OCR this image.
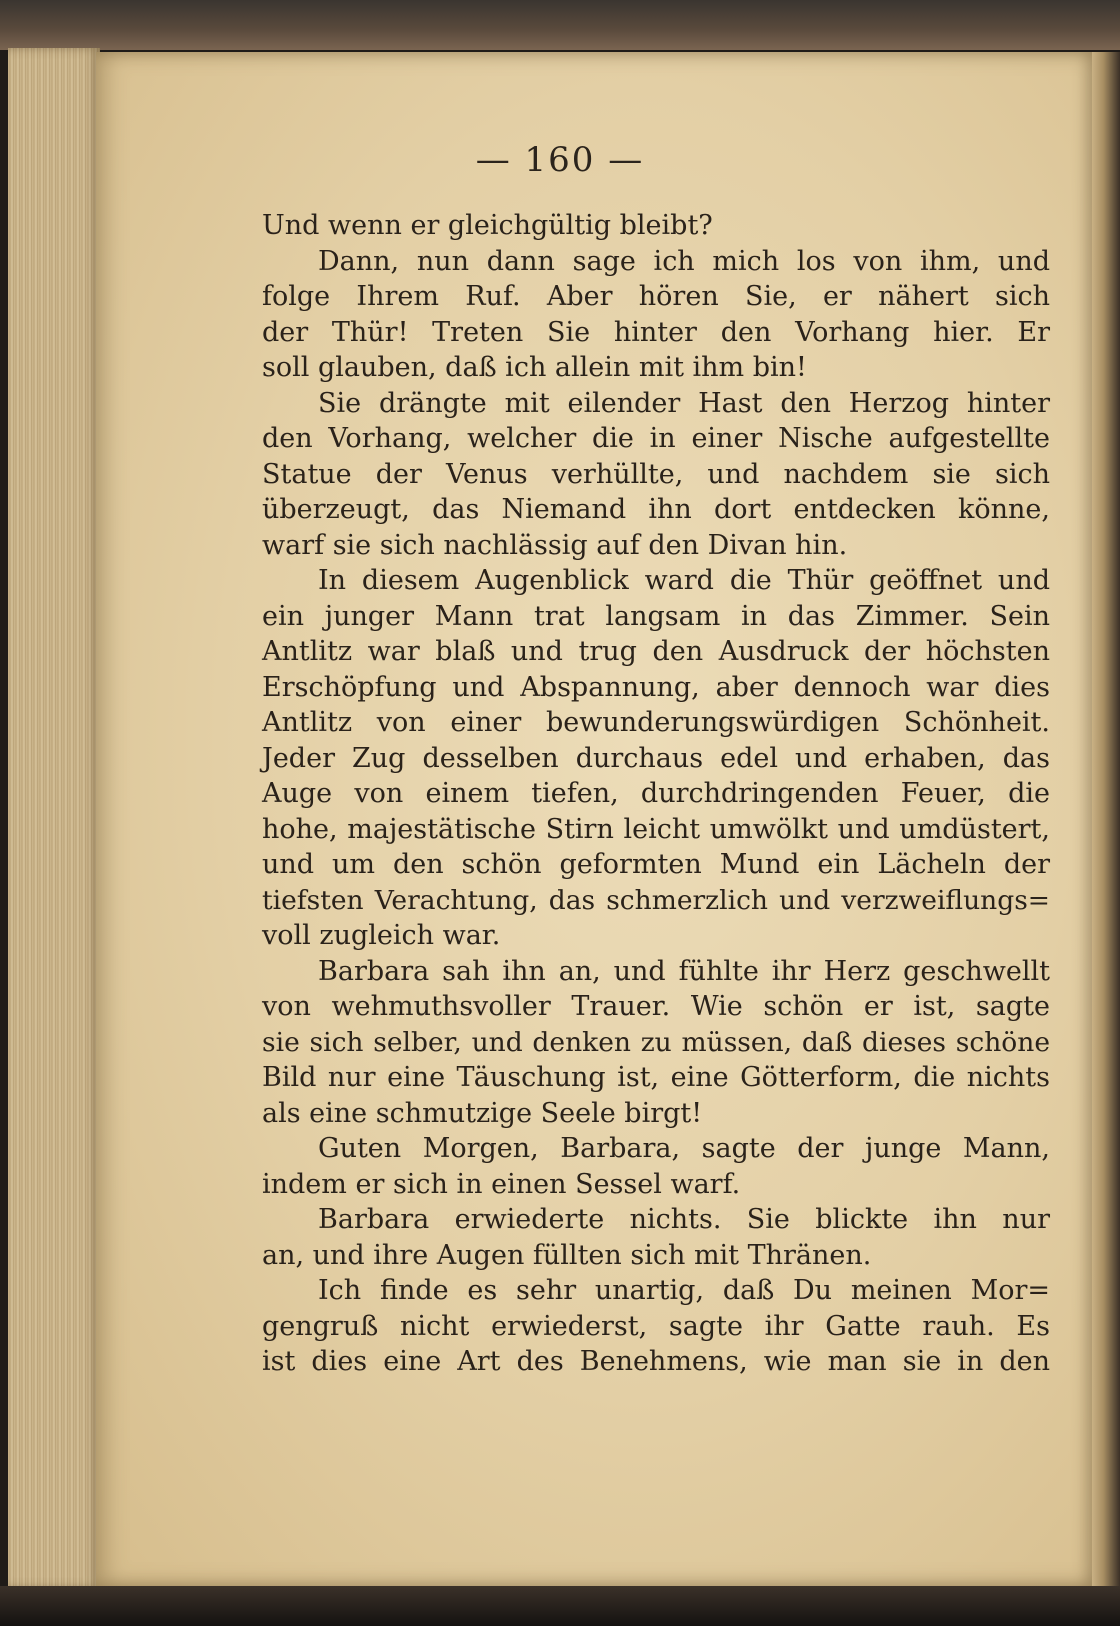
— 160 —
Und wenn er gleichgültig bleibt?
Dann, nun dann sage ich mich los von ihm, und
folge Ihrem Ruf. Aber hören Sie, er nähert sich
der Thür! Treten Sie hinter den Vorhang hier. Er
soll glauben, daß ich allein mit ihm bin!
Sie drängte mit eilender Hast den Herzog hinter
den Vorhang, welcher die in einer Nische aufgestellte
Statue der Venus verhüllte, und nachdem sie sich
überzeugt, das Niemand ihn dort entdecken könne,
warf sie sich nachlässig auf den Divan hin.
In diesem Augenblick ward die Thür geöffnet und
ein junger Mann trat langsam in das Zimmer. Sein
Antlitz war blaß und trug den Ausdruck der höchsten
Erschöpfung und Abspannung, aber dennoch war dies
Antlitz von einer bewunderungswürdigen Schönheit.
Jeder Zug desselben durchaus edel und erhaben, das
Auge von einem tiefen, durchdringenden Feuer, die
hohe, majestätische Stirn leicht umwölkt und umdüstert,
und um den schön geformten Mund ein Lächeln der
tiefsten Verachtung, das schmerzlich und verzweiflungs=
voll zugleich war.
Barbara sah ihn an, und fühlte ihr Herz geschwellt
von wehmuthsvoller Trauer. Wie schön er ist, sagte
sie sich selber, und denken zu müssen, daß dieses schöne
Bild nur eine Täuschung ist, eine Götterform, die nichts
als eine schmutzige Seele birgt!
Guten Morgen, Barbara, sagte der junge Mann,
indem er sich in einen Sessel warf.
Barbara erwiederte nichts. Sie blickte ihn nur
an, und ihre Augen füllten sich mit Thränen.
Ich finde es sehr unartig, daß Du meinen Mor=
gengruß nicht erwiederst, sagte ihr Gatte rauh. Es
ist dies eine Art des Benehmens, wie man sie in den
